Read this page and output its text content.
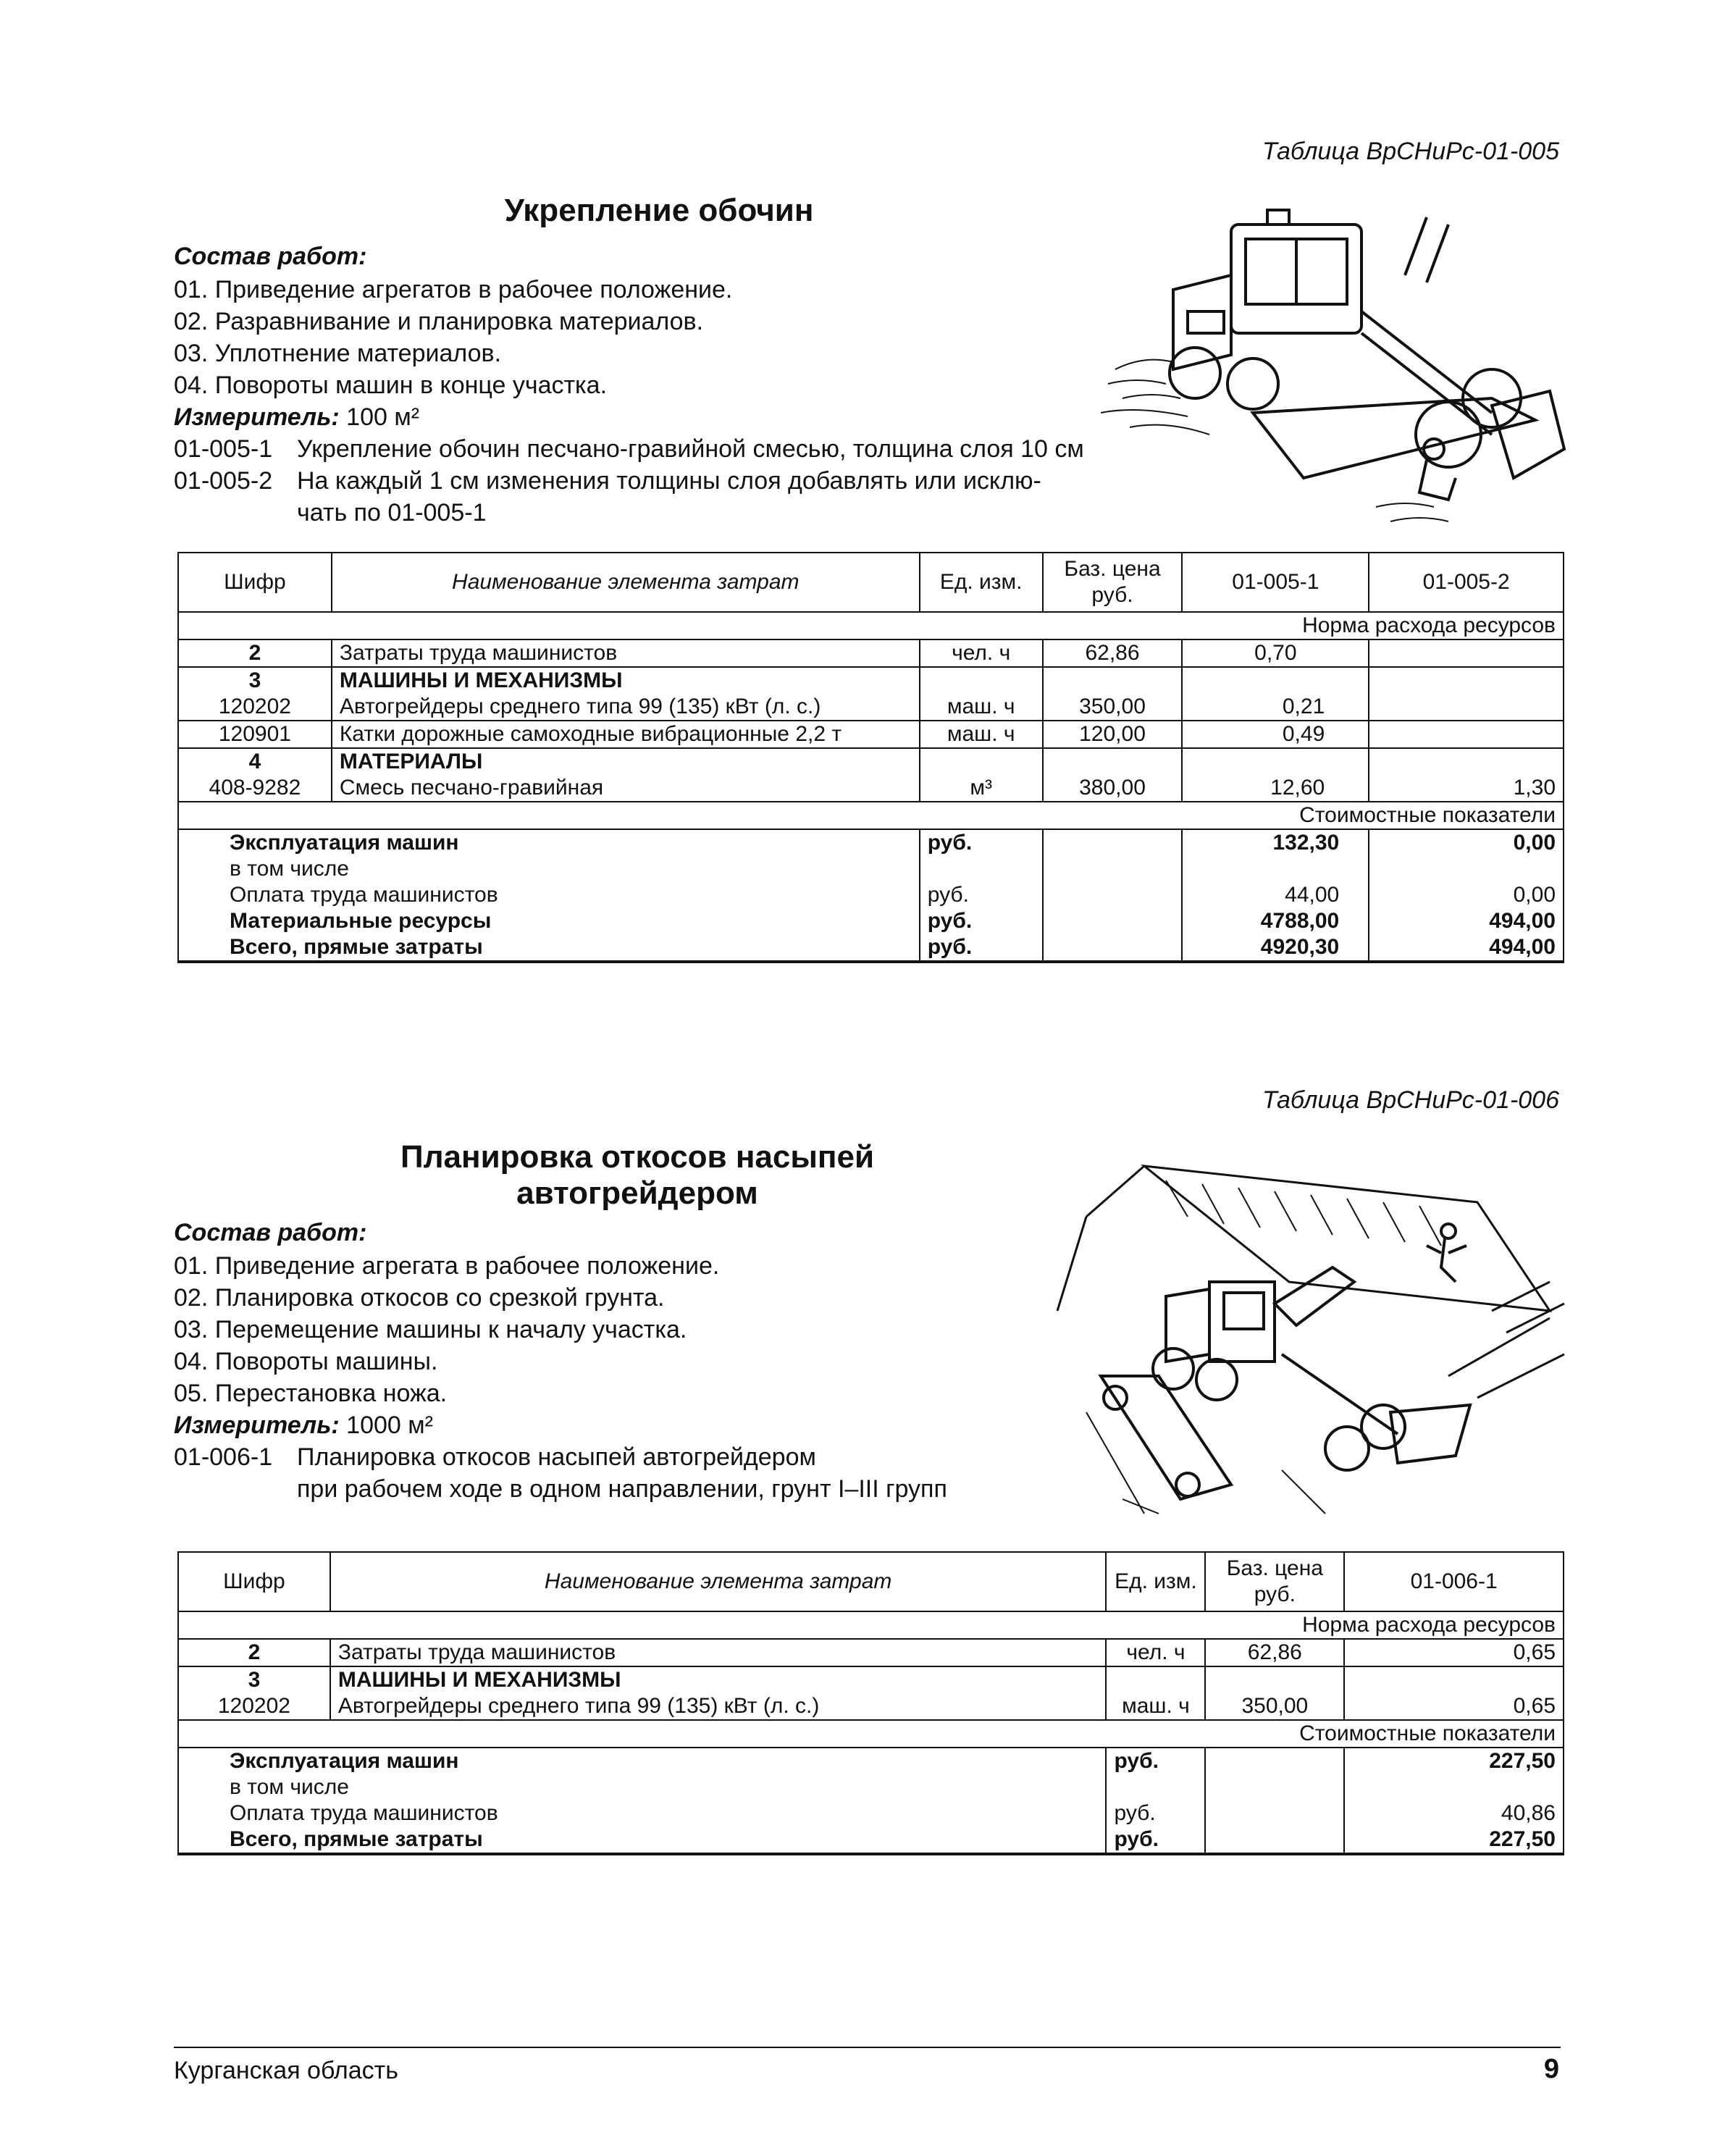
Таблица ВрСНиРс-01-005
Укрепление обочин
Состав работ:
01. Приведение агрегатов в рабочее положение.
02. Разравнивание и планировка материалов.
03. Уплотнение материалов.
04. Повороты машин в конце участка.
Измеритель: 100 м²
01-005-1 Укрепление обочин песчано-гравийной смесью, толщина слоя 10 см
01-005-2 На каждый 1 см изменения толщины слоя добавлять или исклю-
чать по 01-005-1
Шифр	Наименование элемента затрат	Ед. изм.	Баз. цена руб.	01-005-1	01-005-2
				Норма расхода ресурсов	
2	Затраты труда машинистов	чел. ч	62,86	0,70	
3	МАШИНЫ И МЕХАНИЗМЫ				
120202	Автогрейдеры среднего типа 99 (135) кВт (л. с.)	маш. ч	350,00	0,21	
120901	Катки дорожные самоходные вибрационные 2,2 т	маш. ч	120,00	0,49	
4	МАТЕРИАЛЫ				
408-9282	Смесь песчано-гравийная	м³	380,00	12,60	1,30
				Стоимостные показатели	
Эксплуатация машин		руб.		132,30	0,00
в том числе					
Оплата труда машинистов		руб.		44,00	0,00
Материальные ресурсы		руб.		4788,00	494,00
Всего, прямые затраты		руб.		4920,30	494,00
Таблица ВрСНиРс-01-006
Планировка откосов насыпей
автогрейдером
Состав работ:
01. Приведение агрегата в рабочее положение.
02. Планировка откосов со срезкой грунта.
03. Перемещение машины к началу участка.
04. Повороты машины.
05. Перестановка ножа.
Измеритель: 1000 м²
01-006-1 Планировка откосов насыпей автогрейдером
при рабочем ходе в одном направлении, грунт I–III групп
Шифр	Наименование элемента затрат	Ед. изм.	Баз. цена руб.	01-006-1
			Норма расхода ресурсов	
2	Затраты труда машинистов	чел. ч	62,86	0,65
3	МАШИНЫ И МЕХАНИЗМЫ			
120202	Автогрейдеры среднего типа 99 (135) кВт (л. с.)	маш. ч	350,00	0,65
			Стоимостные показатели	
Эксплуатация машин		руб.		227,50
в том числе				
Оплата труда машинистов		руб.		40,86
Всего, прямые затраты		руб.		227,50
Курганская область	9
